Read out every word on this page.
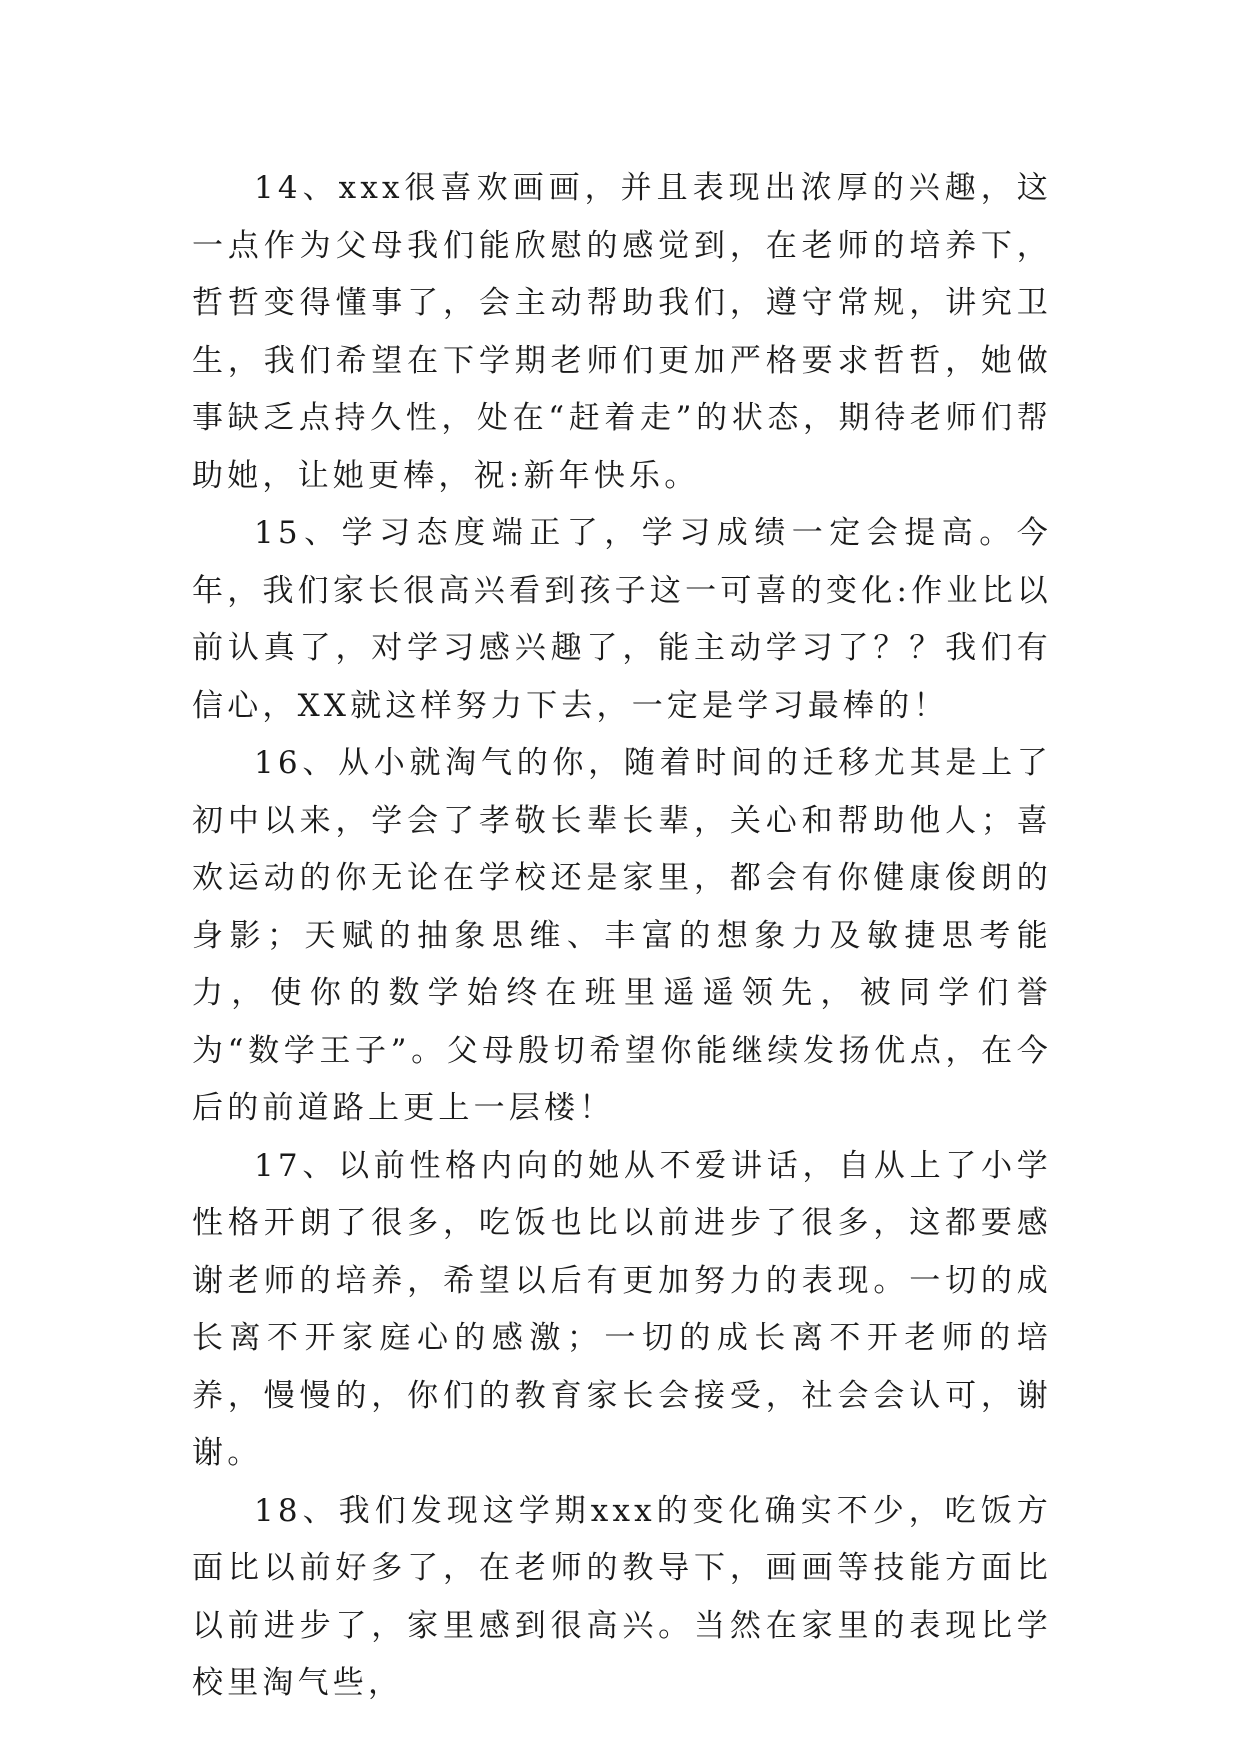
14、xxx很喜欢画画，并且表现出浓厚的兴趣，这一点作为父母我们能欣慰的感觉到，在老师的培养下，哲哲变得懂事了，会主动帮助我们，遵守常规，讲究卫生，我们希望在下学期老师们更加严格要求哲哲，她做事缺乏点持久性，处在“赶着走”的状态，期待老师们帮助她，让她更棒，祝:新年快乐。

15、学习态度端正了，学习成绩一定会提高。今年，我们家长很高兴看到孩子这一可喜的变化:作业比以前认真了，对学习感兴趣了，能主动学习了？？我们有信心，XX就这样努力下去，一定是学习最棒的！

16、从小就淘气的你，随着时间的迁移尤其是上了初中以来，学会了孝敬长辈长辈，关心和帮助他人；喜欢运动的你无论在学校还是家里，都会有你健康俊朗的身影；天赋的抽象思维、丰富的想象力及敏捷思考能力，使你的数学始终在班里遥遥领先，被同学们誉为“数学王子”。父母殷切希望你能继续发扬优点，在今后的前道路上更上一层楼！

17、以前性格内向的她从不爱讲话，自从上了小学性格开朗了很多，吃饭也比以前进步了很多，这都要感谢老师的培养，希望以后有更加努力的表现。一切的成长离不开家庭心的感激；一切的成长离不开老师的培养，慢慢的，你们的教育家长会接受，社会会认可，谢谢。

18、我们发现这学期xxx的变化确实不少，吃饭方面比以前好多了，在老师的教导下，画画等技能方面比以前进步了，家里感到很高兴。当然在家里的表现比学校里淘气些，
